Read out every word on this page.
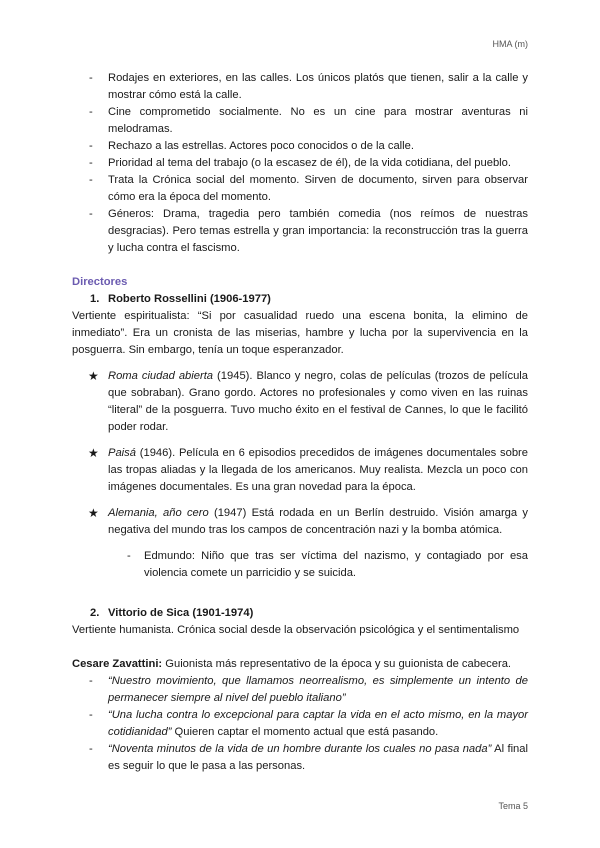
HMA (m)
- Rodajes en exteriores, en las calles. Los únicos platós que tienen, salir a la calle y mostrar cómo está la calle.
- Cine comprometido socialmente. No es un cine para mostrar aventuras ni melodramas.
- Rechazo a las estrellas. Actores poco conocidos o de la calle.
- Prioridad al tema del trabajo (o la escasez de él), de la vida cotidiana, del pueblo.
- Trata la Crónica social del momento. Sirven de documento, sirven para observar cómo era la época del momento.
- Géneros: Drama, tragedia pero también comedia (nos reímos de nuestras desgracias). Pero temas estrella y gran importancia: la reconstrucción tras la guerra y lucha contra el fascismo.
Directores
1. Roberto Rossellini (1906-1977)

Vertiente espiritualista: “Si por casualidad ruedo una escena bonita, la elimino de inmediato”. Era un cronista de las miserias, hambre y lucha por la supervivencia en la posguerra. Sin embargo, tenía un toque esperanzador.

★ Roma ciudad abierta (1945). Blanco y negro, colas de películas (trozos de película que sobraban). Grano gordo. Actores no profesionales y como viven en las ruinas “literal” de la posguerra. Tuvo mucho éxito en el festival de Cannes, lo que le facilitó poder rodar.
★ Paisá (1946). Película en 6 episodios precedidos de imágenes documentales sobre las tropas aliadas y la llegada de los americanos. Muy realista. Mezcla un poco con imágenes documentales. Es una gran novedad para la época.
★ Alemania, año cero (1947) Está rodada en un Berlín destruido. Visión amarga y negativa del mundo tras los campos de concentración nazi y la bomba atómica.
- Edmundo: Niño que tras ser víctima del nazismo, y contagiado por esa violencia comete un parricidio y se suicida.
2. Vittorio de Sica (1901-1974)

Vertiente humanista. Crónica social desde la observación psicológica y el sentimentalismo

Cesare Zavattini: Guionista más representativo de la época y su guionista de cabecera.

- “Nuestro movimiento, que llamamos neorrealismo, es simplemente un intento de permanecer siempre al nivel del pueblo italiano”
- “Una lucha contra lo excepcional para captar la vida en el acto mismo, en la mayor cotidianidad” Quieren captar el momento actual que está pasando.
- “Noventa minutos de la vida de un hombre durante los cuales no pasa nada” Al final es seguir lo que le pasa a las personas.
Tema 5
